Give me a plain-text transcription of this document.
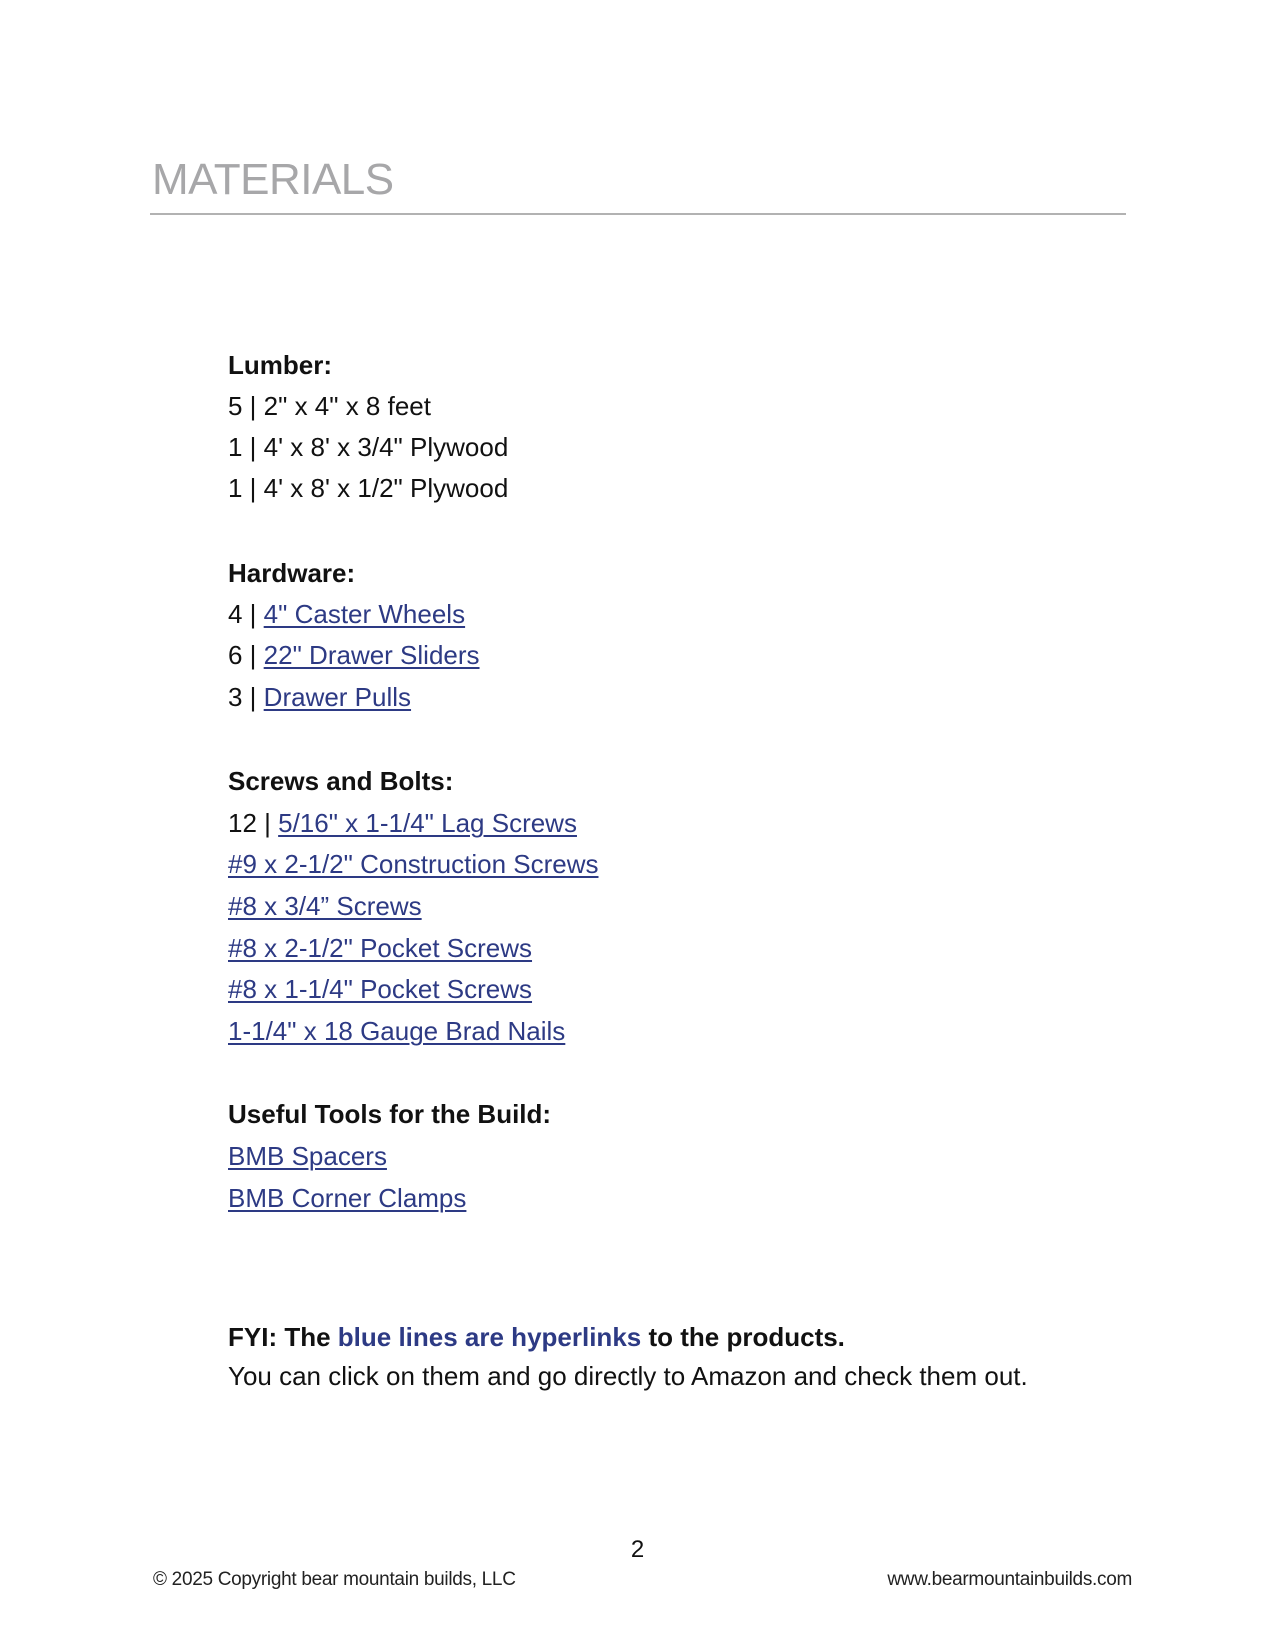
MATERIALS
Lumber:
5 | 2" x 4" x 8 feet
1 | 4' x 8' x 3/4" Plywood
1 | 4' x 8' x 1/2" Plywood
Hardware:
4 | 4" Caster Wheels
6 | 22" Drawer Sliders
3 | Drawer Pulls
Screws and Bolts:
12 | 5/16" x 1-1/4" Lag Screws
#9 x 2-1/2" Construction Screws
#8 x 3/4” Screws
#8 x 2-1/2" Pocket Screws
#8 x 1-1/4" Pocket Screws
1-1/4" x 18 Gauge Brad Nails
Useful Tools for the Build:
BMB Spacers
BMB Corner Clamps
FYI: The blue lines are hyperlinks to the products.
You can click on them and go directly to Amazon and check them out.
2
© 2025 Copyright bear mountain builds, LLC	www.bearmountainbuilds.com
